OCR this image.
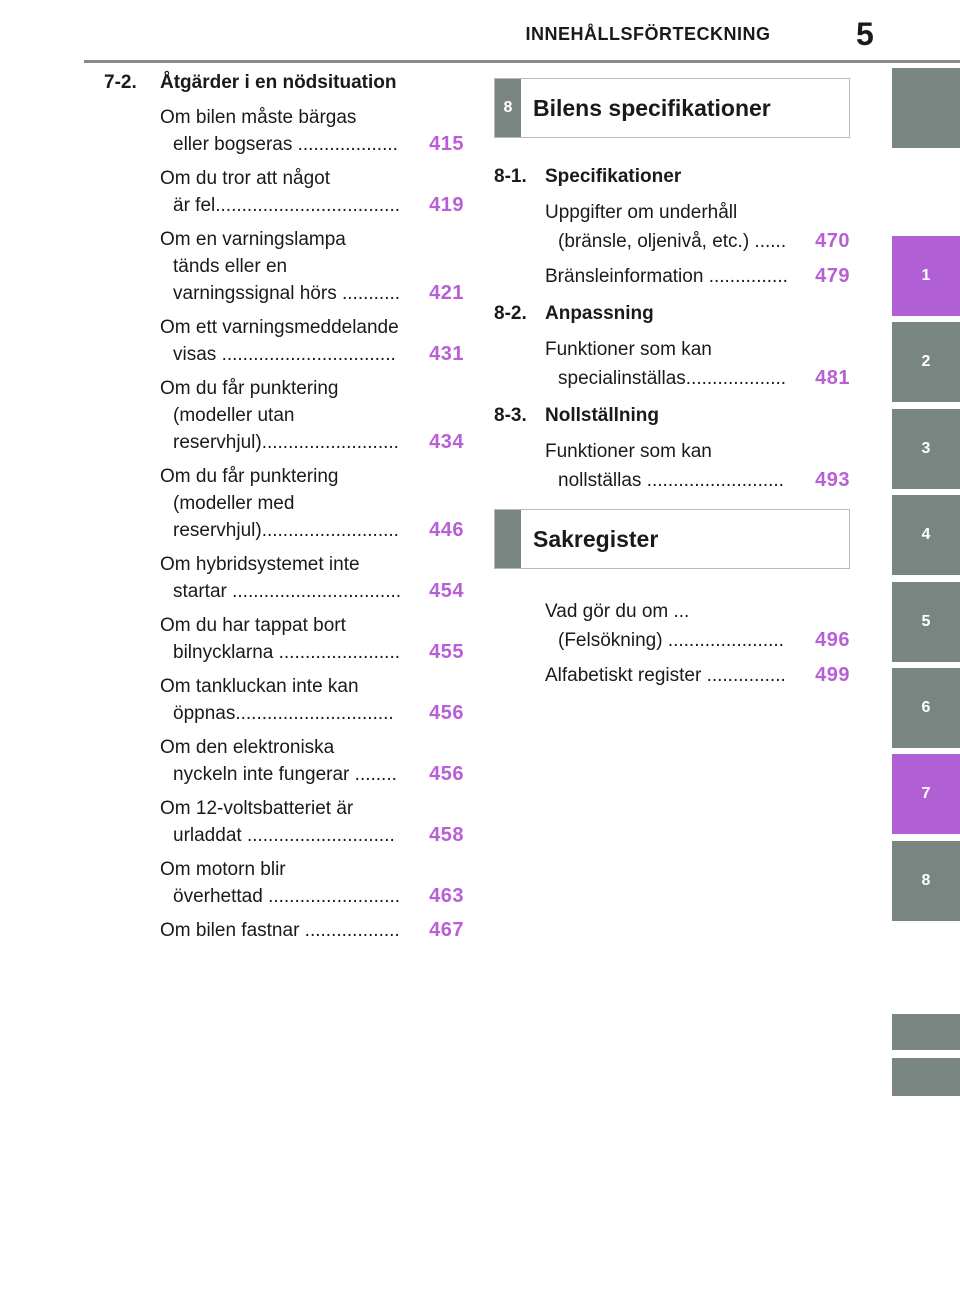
INNEHÅLLSFÖRTECKNING	5
7-2.	Åtgärder i en nödsituation
Om bilen måste bärgas
eller bogseras ...................	415
Om du tror att något
är fel...................................	419
Om en varningslampa
tänds eller en
varningssignal hörs ...........	421
Om ett varningsmeddelande
visas .................................	431
Om du får punktering
(modeller utan
reservhjul)..........................	434
Om du får punktering
(modeller med
reservhjul)..........................	446
Om hybridsystemet inte
startar ................................	454
Om du har tappat bort
bilnycklarna .......................	455
Om tankluckan inte kan
öppnas..............................	456
Om den elektroniska
nyckeln inte fungerar ........	456
Om 12-voltsbatteriet är
urladdat ............................	458
Om motorn blir
överhettad .........................	463
Om bilen fastnar ..................	467
8 Bilens specifikationer
8-1. Specifikationer
Uppgifter om underhåll
(bränsle, oljenivå, etc.) ......	470
Bränsleinformation ...............	479
8-2. Anpassning
Funktioner som kan
specialinställas...................	481
8-3. Nollställning
Funktioner som kan
nollställas ..........................	493
Sakregister
Vad gör du om ...
(Felsökning) ......................	496
Alfabetiskt register ...............	499
1
2
3
4
5
6
7
8
